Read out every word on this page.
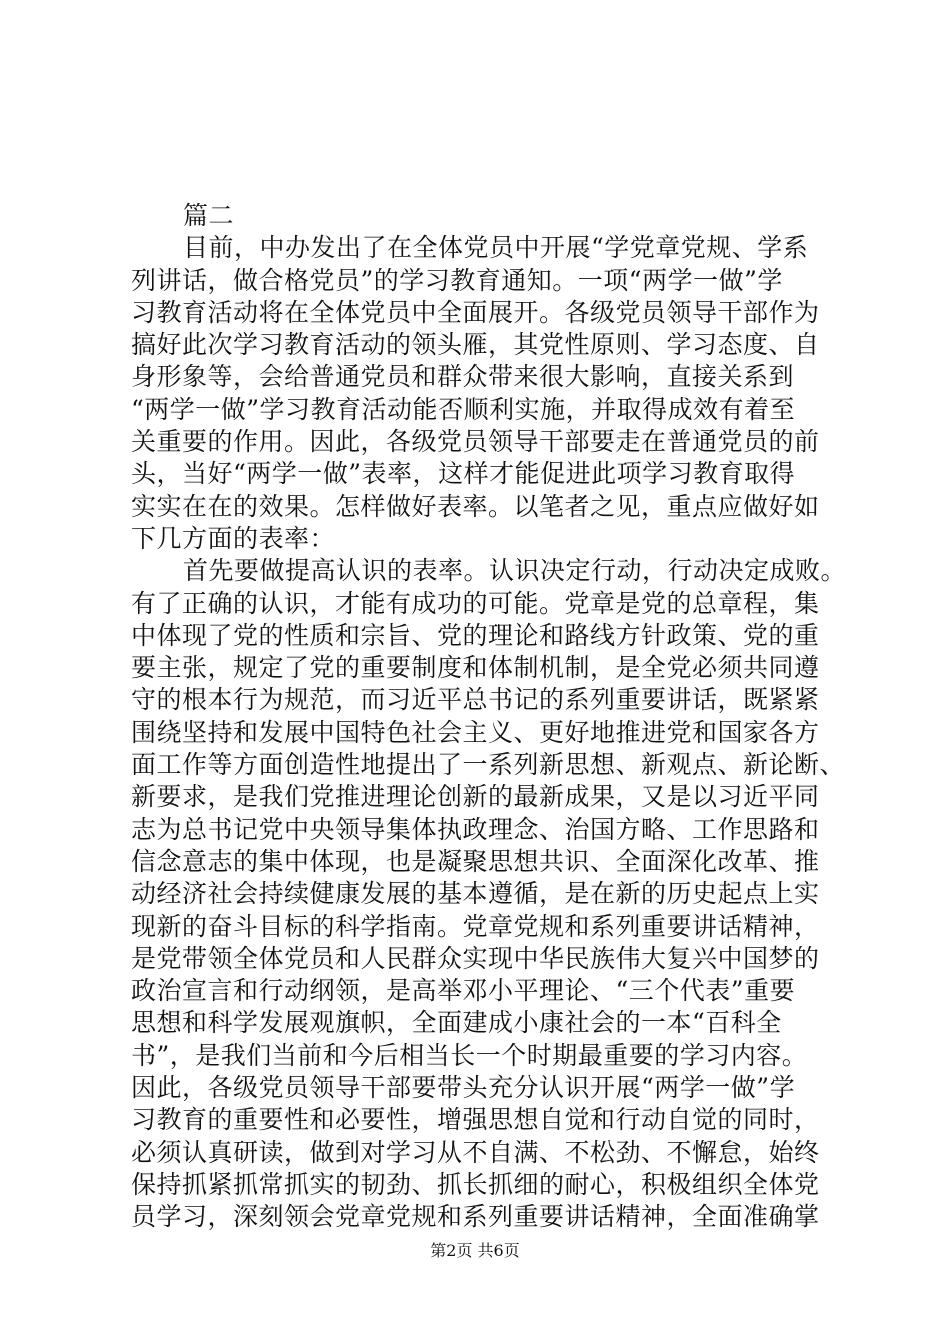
篇二
目前，中办发出了在全体党员中开展“学党章党规、学系
列讲话，做合格党员”的学习教育通知。一项“两学一做”学
习教育活动将在全体党员中全面展开。各级党员领导干部作为
搞好此次学习教育活动的领头雁，其党性原则、学习态度、自
身形象等，会给普通党员和群众带来很大影响，直接关系到
“两学一做”学习教育活动能否顺利实施，并取得成效有着至
关重要的作用。因此，各级党员领导干部要走在普通党员的前
头，当好“两学一做”表率，这样才能促进此项学习教育取得
实实在在的效果。怎样做好表率。以笔者之见，重点应做好如
下几方面的表率：
首先要做提高认识的表率。认识决定行动，行动决定成败。
有了正确的认识，才能有成功的可能。党章是党的总章程，集
中体现了党的性质和宗旨、党的理论和路线方针政策、党的重
要主张，规定了党的重要制度和体制机制，是全党必须共同遵
守的根本行为规范，而习近平总书记的系列重要讲话，既紧紧
围绕坚持和发展中国特色社会主义、更好地推进党和国家各方
面工作等方面创造性地提出了一系列新思想、新观点、新论断、
新要求，是我们党推进理论创新的最新成果，又是以习近平同
志为总书记党中央领导集体执政理念、治国方略、工作思路和
信念意志的集中体现，也是凝聚思想共识、全面深化改革、推
动经济社会持续健康发展的基本遵循，是在新的历史起点上实
现新的奋斗目标的科学指南。党章党规和系列重要讲话精神，
是党带领全体党员和人民群众实现中华民族伟大复兴中国梦的
政治宣言和行动纲领，是高举邓小平理论、“三个代表”重要
思想和科学发展观旗帜，全面建成小康社会的一本“百科全
书”，是我们当前和今后相当长一个时期最重要的学习内容。
因此，各级党员领导干部要带头充分认识开展“两学一做”学
习教育的重要性和必要性，增强思想自觉和行动自觉的同时，
必须认真研读，做到对学习从不自满、不松劲、不懈怠，始终
保持抓紧抓常抓实的韧劲、抓长抓细的耐心，积极组织全体党
员学习，深刻领会党章党规和系列重要讲话精神，全面准确掌
第2页 共6页
